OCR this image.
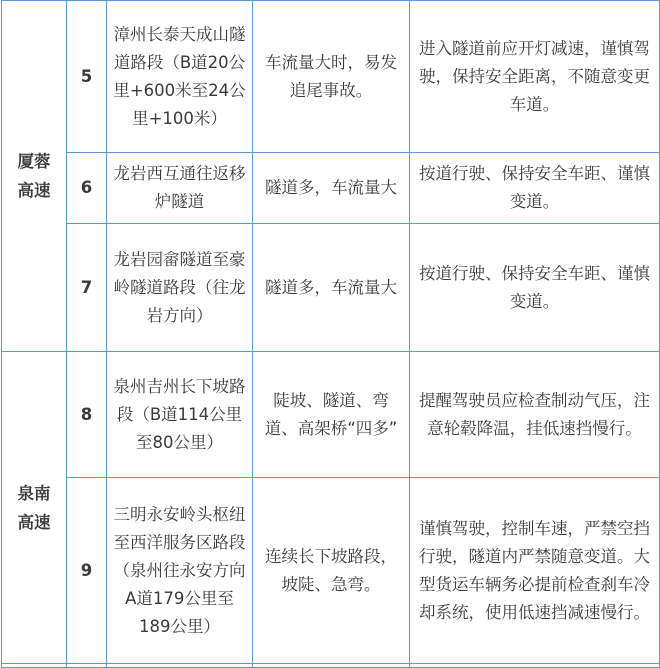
厦蓉高速	5	漳州长泰天成山隧道路段（B道20公里+600米至24公里+100米）	车流量大时，易发追尾事故。	进入隧道前应开灯减速，谨慎驾驶，保持安全距离，不随意变更车道。
	6	龙岩西互通往返移炉隧道	隧道多，车流量大	按道行驶、保持安全车距、谨慎变道。
	7	龙岩园畲隧道至豪岭隧道路段（往龙岩方向）	隧道多，车流量大	按道行驶、保持安全车距、谨慎变道。
泉南高速	8	泉州吉州长下坡路段（B道114公里至80公里）	陡坡、隧道、弯道、高架桥“四多”	提醒驾驶员应检查制动气压，注意轮毂降温，挂低速挡慢行。
	9	三明永安岭头枢纽至西洋服务区路段（泉州往永安方向A道179公里至189公里）	连续长下坡路段，坡陡、急弯。	谨慎驾驶，控制车速，严禁空挡行驶，隧道内严禁随意变道。大型货运车辆务必提前检查刹车冷却系统，使用低速挡减速慢行。
